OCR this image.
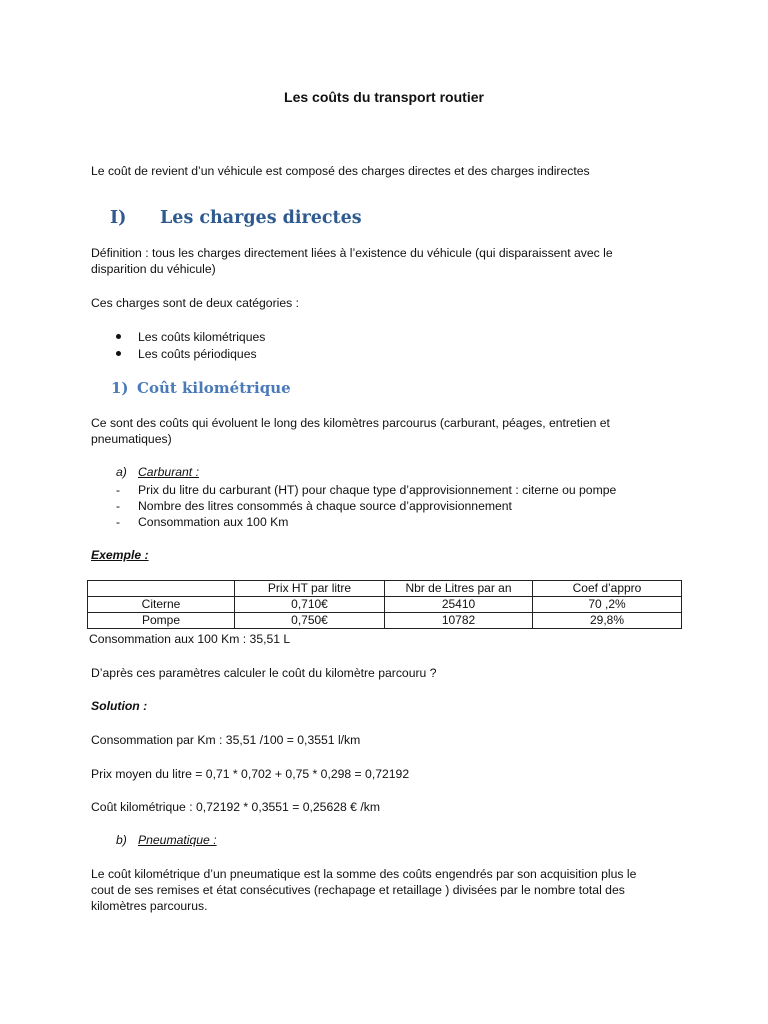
Les coûts du transport routier
Le coût de revient d’un véhicule est composé des charges directes et des charges indirectes
I) Les charges directes
Définition : tous les charges directement liées à l’existence du véhicule (qui disparaissent avec le
disparition du véhicule)
Ces charges sont de deux catégories :
Les coûts kilométriques
Les coûts périodiques
1) Coût kilométrique
Ce sont des coûts qui évoluent le long des kilomètres parcourus (carburant, péages, entretien et
pneumatiques)
a) Carburant :
- Prix du litre du carburant (HT) pour chaque type d’approvisionnement : citerne ou pompe
- Nombre des litres consommés à chaque source d’approvisionnement
- Consommation aux 100 Km
Exemple :
	Prix HT par litre	Nbr de Litres par an	Coef d’appro
Citerne	0,710€	25410	70 ,2%
Pompe	0,750€	10782	29,8%
Consommation aux 100 Km : 35,51 L
D’après ces paramètres calculer le coût du kilomètre parcouru ?
Solution :
Consommation par Km : 35,51 /100 = 0,3551 l/km
Prix moyen du litre = 0,71 * 0,702 + 0,75 * 0,298 = 0,72192
Coût kilométrique : 0,72192 * 0,3551 = 0,25628 € /km
b) Pneumatique :
Le coût kilométrique d’un pneumatique est la somme des coûts engendrés par son acquisition plus le
cout de ses remises et état consécutives (rechapage et retaillage ) divisées par le nombre total des
kilomètres parcourus.
